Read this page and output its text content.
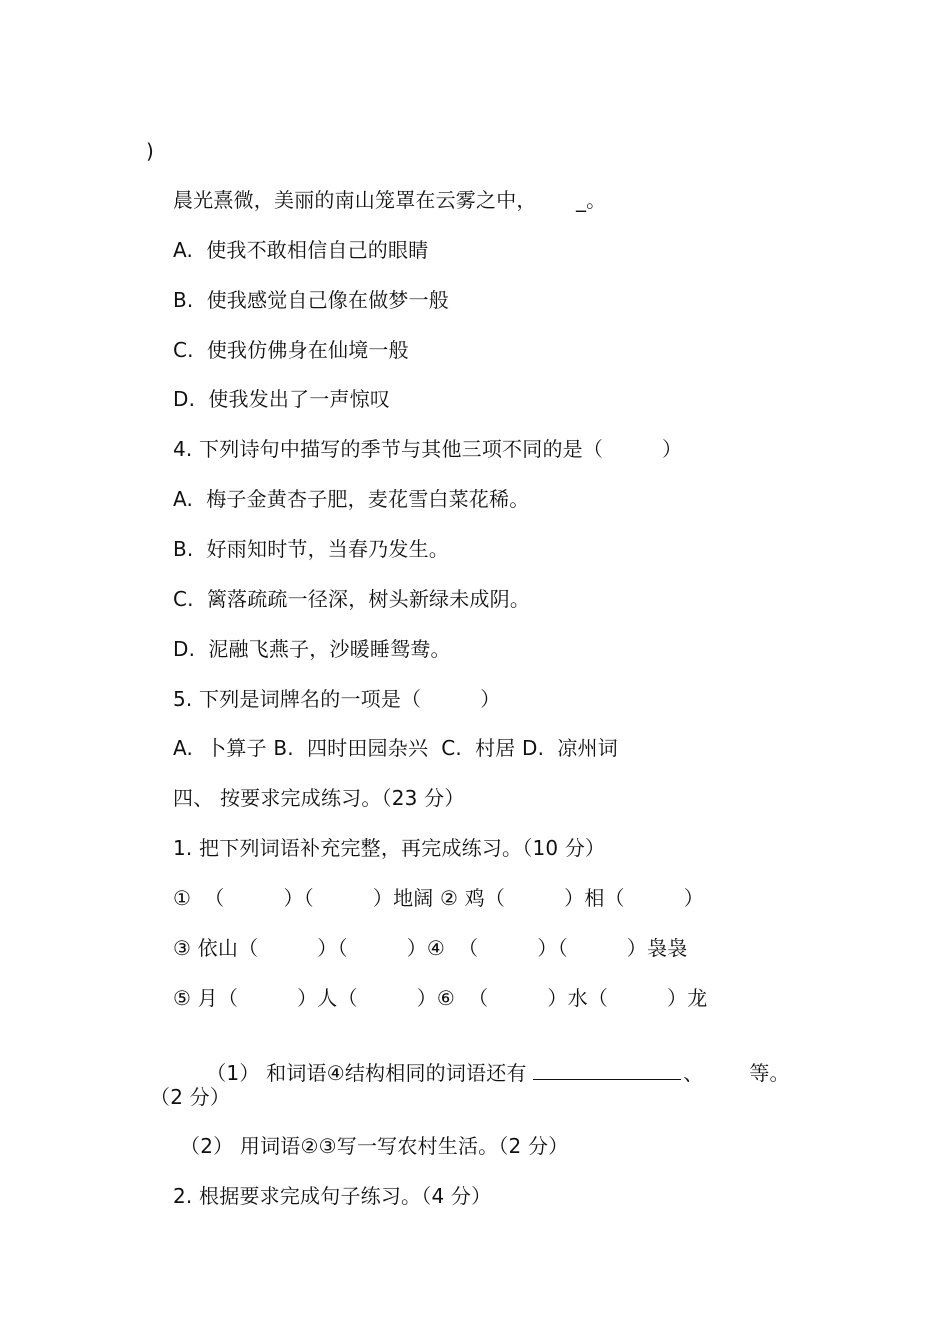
)
晨光熹微，美丽的南山笼罩在云雾之中，      _。
A.  使我不敢相信自己的眼睛
B.  使我感觉自己像在做梦一般
C.  使我仿佛身在仙境一般
D.  使我发出了一声惊叹
4. 下列诗句中描写的季节与其他三项不同的是（         ）
A.  梅子金黄杏子肥，麦花雪白菜花稀。
B.  好雨知时节，当春乃发生。
C.  篱落疏疏一径深，树头新绿未成阴。
D.  泥融飞燕子，沙暖睡鸳鸯。
5. 下列是词牌名的一项是（         ）
A.  卜算子 B.  四时田园杂兴  C.  村居 D.  凉州词
四、 按要求完成练习。（23 分）
1. 把下列词语补充完整，再完成练习。（10 分）
①  （         ）（         ）地阔 ② 鸡（         ）相（         ）
③ 依山（         ）（         ）④  （         ）（         ）袅袅
⑤ 月（         ）人（         ）⑥  （         ）水（         ）龙

（1） 和词语④结构相同的词语还有	、       等。

（2 分）
（2） 用词语②③写一写农村生活。（2 分）
2. 根据要求完成句子练习。（4 分）
